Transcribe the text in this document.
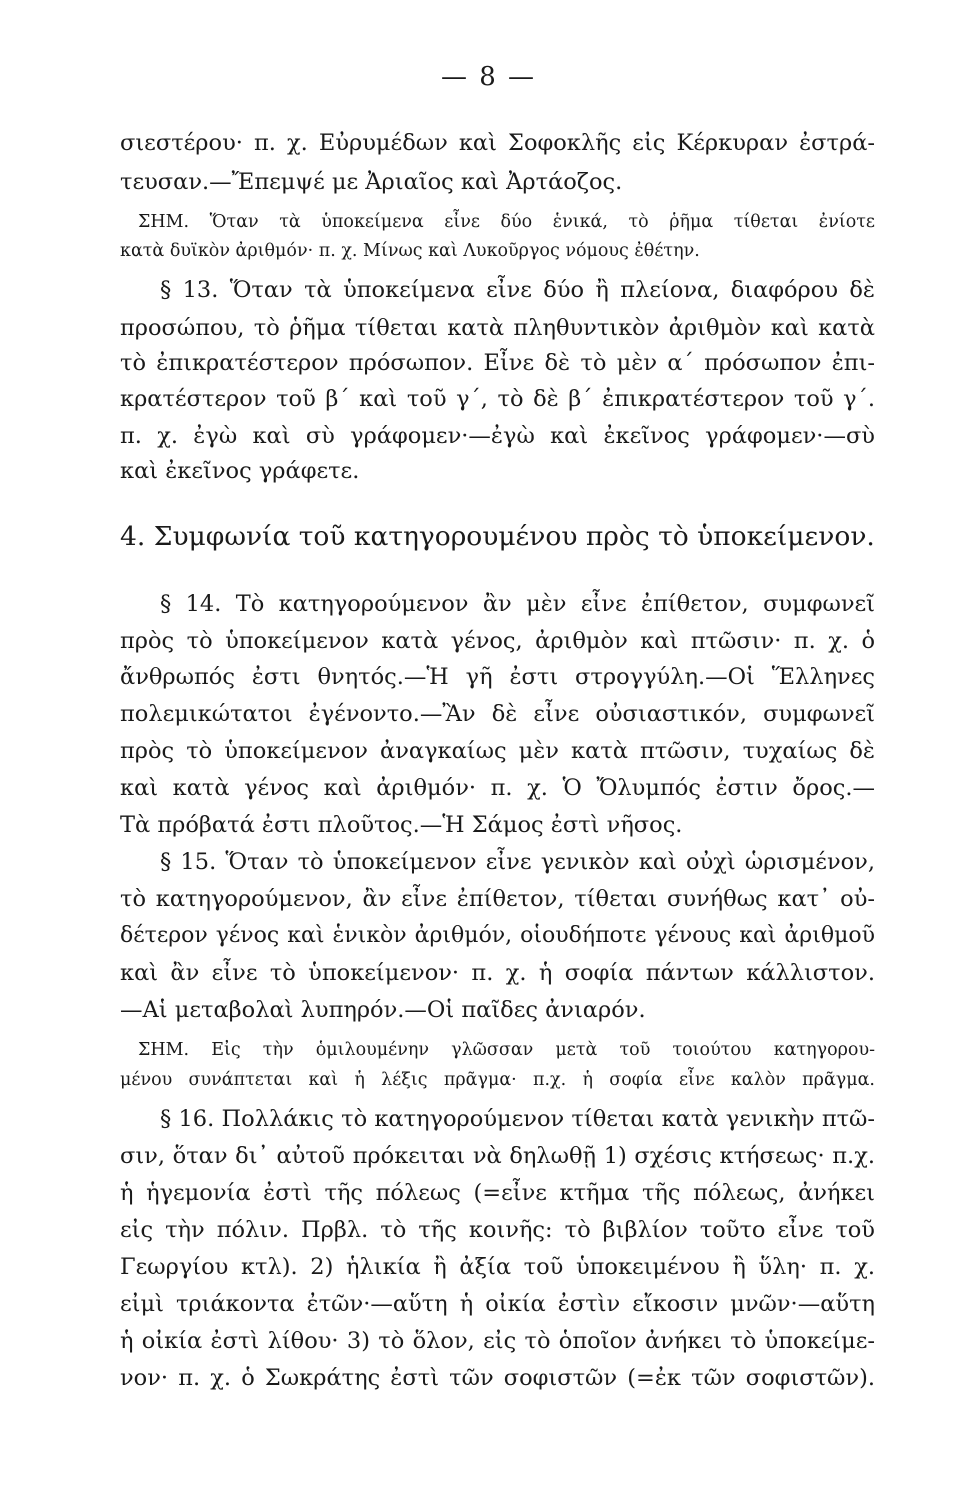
— 8 —
σιεστέρου· π. χ. Εὐρυμέδων καὶ Σοφοκλῆς εἰς Κέρκυραν ἐστρά-
τευσαν.—Ἔπεμψέ με Ἀριαῖος καὶ Ἀρτάοζος.
ΣΗΜ. Ὅταν τὰ ὑποκείμενα εἶνε δύο ἑνικά, τὸ ῥῆμα τίθεται ἐνίοτε
κατὰ δυϊκὸν ἀριθμόν· π. χ. Μίνως καὶ Λυκοῦργος νόμους ἐθέτην.
§ 13. Ὅταν τὰ ὑποκείμενα εἶνε δύο ἢ πλείονα, διαφόρου δὲ
προσώπου, τὸ ῥῆμα τίθεται κατὰ πληθυντικὸν ἀριθμὸν καὶ κατὰ
τὸ ἐπικρατέστερον πρόσωπον. Εἶνε δὲ τὸ μὲν α΄ πρόσωπον ἐπι-
κρατέστερον τοῦ β΄ καὶ τοῦ γ΄, τὸ δὲ β΄ ἐπικρατέστερον τοῦ γ΄.
π. χ. ἐγὼ καὶ σὺ γράφομεν·—ἐγὼ καὶ ἐκεῖνος γράφομεν·—σὺ
καὶ ἐκεῖνος γράφετε.
4. Συμφωνία τοῦ κατηγορουμένου πρὸς τὸ ὑποκείμενον.
§ 14. Τὸ κατηγορούμενον ἂν μὲν εἶνε ἐπίθετον, συμφωνεῖ
πρὸς τὸ ὑποκείμενον κατὰ γένος, ἀριθμὸν καὶ πτῶσιν· π. χ. ὁ
ἄνθρωπός ἐστι θνητός.—Ἡ γῆ ἐστι στρογγύλη.—Οἱ Ἕλληνες
πολεμικώτατοι ἐγένοντο.—Ἂν δὲ εἶνε οὐσιαστικόν, συμφωνεῖ
πρὸς τὸ ὑποκείμενον ἀναγκαίως μὲν κατὰ πτῶσιν, τυχαίως δὲ
καὶ κατὰ γένος καὶ ἀριθμόν· π. χ. Ὁ Ὄλυμπός ἐστιν ὄρος.—
Τὰ πρόβατά ἐστι πλοῦτος.—Ἡ Σάμος ἐστὶ νῆσος.
§ 15. Ὅταν τὸ ὑποκείμενον εἶνε γενικὸν καὶ οὐχὶ ὡρισμένον,
τὸ κατηγορούμενον, ἂν εἶνε ἐπίθετον, τίθεται συνήθως κατ᾿ οὐ-
δέτερον γένος καὶ ἑνικὸν ἀριθμόν, οἱουδήποτε γένους καὶ ἀριθμοῦ
καὶ ἂν εἶνε τὸ ὑποκείμενον· π. χ. ἡ σοφία πάντων κάλλιστον.
—Αἱ μεταβολαὶ λυπηρόν.—Οἱ παῖδες ἀνιαρόν.
ΣΗΜ. Εἰς τὴν ὁμιλουμένην γλῶσσαν μετὰ τοῦ τοιούτου κατηγορου-
μένου συνάπτεται καὶ ἡ λέξις πρᾶγμα· π.χ. ἡ σοφία εἶνε καλὸν πρᾶγμα.
§ 16. Πολλάκις τὸ κατηγορούμενον τίθεται κατὰ γενικὴν πτῶ-
σιν, ὅταν δι᾿ αὐτοῦ πρόκειται νὰ δηλωθῇ 1) σχέσις κτήσεως· π.χ.
ἡ ἡγεμονία ἐστὶ τῆς πόλεως (=εἶνε κτῆμα τῆς πόλεως, ἀνήκει
εἰς τὴν πόλιν. Πρβλ. τὸ τῆς κοινῆς: τὸ βιβλίον τοῦτο εἶνε τοῦ
Γεωργίου κτλ). 2) ἡλικία ἢ ἀξία τοῦ ὑποκειμένου ἢ ὕλη· π. χ.
εἰμὶ τριάκοντα ἐτῶν·—αὕτη ἡ οἰκία ἐστὶν εἴκοσιν μνῶν·—αὕτη
ἡ οἰκία ἐστὶ λίθου· 3) τὸ ὅλον, εἰς τὸ ὁποῖον ἀνήκει τὸ ὑποκείμε-
νον· π. χ. ὁ Σωκράτης ἐστὶ τῶν σοφιστῶν (=ἐκ τῶν σοφιστῶν).
